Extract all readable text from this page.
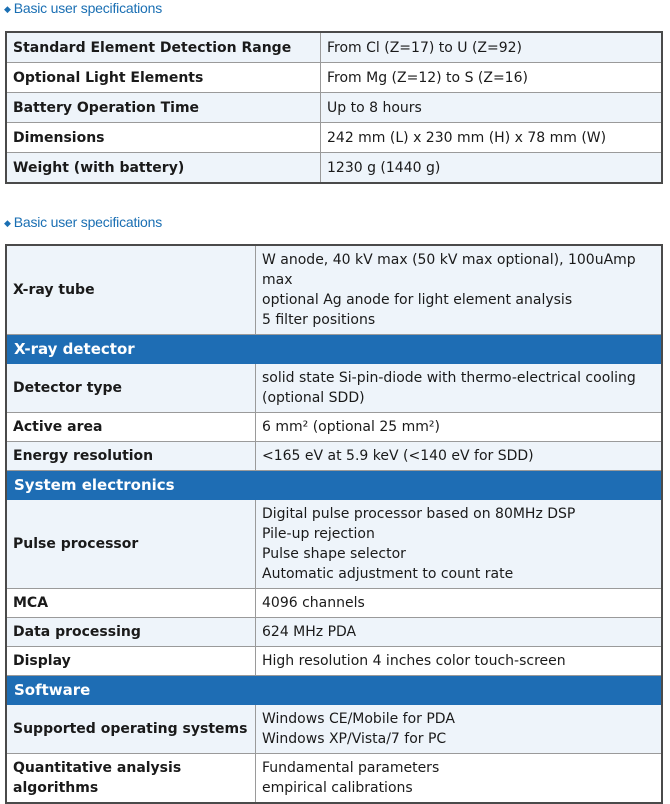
◆ Basic user specifications
Standard Element Detection Range	From Cl (Z=17) to U (Z=92)
Optional Light Elements	From Mg (Z=12) to S (Z=16)
Battery Operation Time	Up to 8 hours
Dimensions	242 mm (L) x 230 mm (H) x 78 mm (W)
Weight (with battery)	1230 g (1440 g)
◆ Basic user specifications
X-ray tube	W anode, 40 kV max (50 kV max optional), 100uAmp max
optional Ag anode for light element analysis
5 filter positions

X-ray detector	
Detector type	solid state Si-pin-diode with thermo-electrical cooling
(optional SDD)

Active area	6 mm² (optional 25 mm²)
Energy resolution	<165 eV at 5.9 keV (<140 eV for SDD)
System electronics	
Pulse processor	Digital pulse processor based on 80MHz DSP
Pile-up rejection
Pulse shape selector
Automatic adjustment to count rate

MCA	4096 channels
Data processing	624 MHz PDA
Display	High resolution 4 inches color touch-screen
Software	
Supported operating systems	Windows CE/Mobile for PDA
Windows XP/Vista/7 for PC

Quantitative analysis
algorithms	Fundamental parameters
empirical calibrations
